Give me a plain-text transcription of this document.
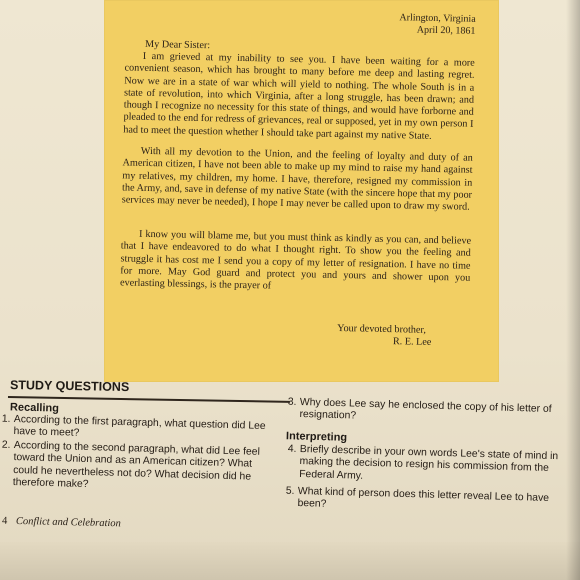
Arlington, Virginia
April 20, 1861
My Dear Sister:

I am grieved at my inability to see you. I have been waiting for a more convenient season, which has brought to many before me deep and lasting regret. Now we are in a state of war which will yield to nothing. The whole South is in a state of revolution, into which Virginia, after a long struggle, has been drawn; and though I recognize no necessity for this state of things, and would have forborne and pleaded to the end for redress of grievances, real or supposed, yet in my own person I had to meet the question whether I should take part against my native State.

With all my devotion to the Union, and the feeling of loyalty and duty of an American citizen, I have not been able to make up my mind to raise my hand against my relatives, my children, my home. I have, therefore, resigned my commission in the Army, and, save in defense of my native State (with the sincere hope that my poor services may never be needed), I hope I may never be called upon to draw my sword.

I know you will blame me, but you must think as kindly as you can, and believe that I have endeavored to do what I thought right. To show you the feeling and struggle it has cost me I send you a copy of my letter of resignation. I have no time for more. May God guard and protect you and yours and shower upon you everlasting blessings, is the prayer of

Your devoted brother,
R. E. Lee
STUDY QUESTIONS
Recalling
1. According to the first paragraph, what question did Lee have to meet?
2. According to the second paragraph, what did Lee feel toward the Union and as an American citizen? What could he nevertheless not do? What decision did he therefore make?
3. Why does Lee say he enclosed the copy of his letter of resignation?
Interpreting
4. Briefly describe in your own words Lee's state of mind in making the decision to resign his commission from the Federal Army.
5. What kind of person does this letter reveal Lee to have been?
4 Conflict and Celebration
